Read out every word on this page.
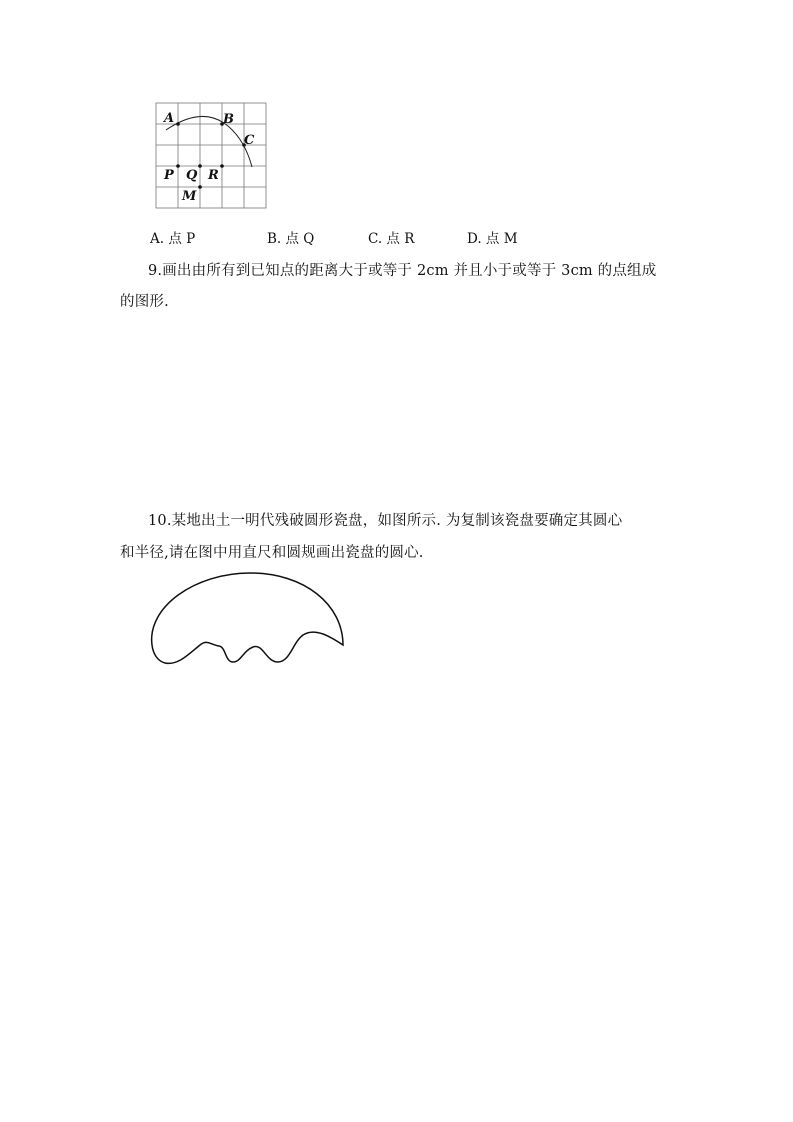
A	B
C
P Q R
M
A. 点 P	B. 点 Q	C. 点 R	D. 点 M
9.画出由所有到已知点的距离大于或等于 2cm 并且小于或等于 3cm 的点组成
的图形.
10.某地出土一明代残破圆形瓷盘，如图所示. 为复制该瓷盘要确定其圆心
和半径,请在图中用直尺和圆规画出瓷盘的圆心.
